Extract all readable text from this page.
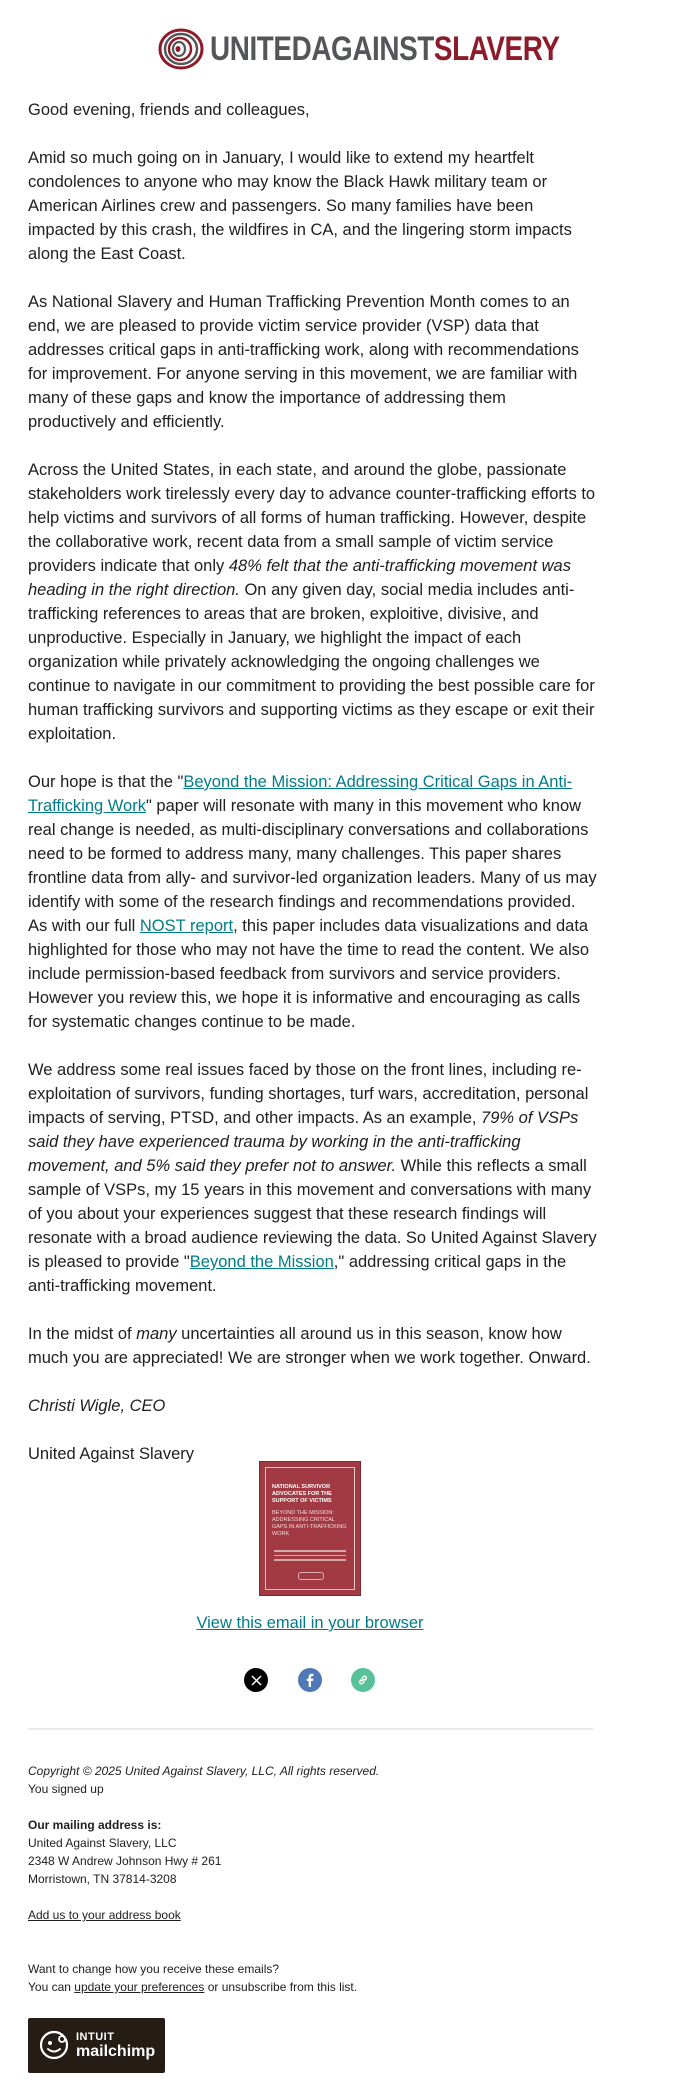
UNITEDAGAINSTSLAVERY

Good evening, friends and colleagues,

Amid so much going on in January, I would like to extend my heartfelt condolences to anyone who may know the Black Hawk military team or American Airlines crew and passengers. So many families have been impacted by this crash, the wildfires in CA, and the lingering storm impacts along the East Coast.

As National Slavery and Human Trafficking Prevention Month comes to an end, we are pleased to provide victim service provider (VSP) data that addresses critical gaps in anti-trafficking work, along with recommendations for improvement. For anyone serving in this movement, we are familiar with many of these gaps and know the importance of addressing them productively and efficiently.

Across the United States, in each state, and around the globe, passionate stakeholders work tirelessly every day to advance counter-trafficking efforts to help victims and survivors of all forms of human trafficking. However, despite the collaborative work, recent data from a small sample of victim service providers indicate that only 48% felt that the anti-trafficking movement was heading in the right direction. On any given day, social media includes anti-trafficking references to areas that are broken, exploitive, divisive, and unproductive. Especially in January, we highlight the impact of each organization while privately acknowledging the ongoing challenges we continue to navigate in our commitment to providing the best possible care for human trafficking survivors and supporting victims as they escape or exit their exploitation.

Our hope is that the "Beyond the Mission: Addressing Critical Gaps in Anti-Trafficking Work" paper will resonate with many in this movement who know real change is needed, as multi-disciplinary conversations and collaborations need to be formed to address many, many challenges. This paper shares frontline data from ally- and survivor-led organization leaders. Many of us may identify with some of the research findings and recommendations provided. As with our full NOST report, this paper includes data visualizations and data highlighted for those who may not have the time to read the content. We also include permission-based feedback from survivors and service providers. However you review this, we hope it is informative and encouraging as calls for systematic changes continue to be made.

We address some real issues faced by those on the front lines, including re-exploitation of survivors, funding shortages, turf wars, accreditation, personal impacts of serving, PTSD, and other impacts. As an example, 79% of VSPs said they have experienced trauma by working in the anti-trafficking movement, and 5% said they prefer not to answer. While this reflects a small sample of VSPs, my 15 years in this movement and conversations with many of you about your experiences suggest that these research findings will resonate with a broad audience reviewing the data. So United Against Slavery is pleased to provide "Beyond the Mission," addressing critical gaps in the anti-trafficking movement.

In the midst of many uncertainties all around us in this season, know how much you are appreciated! We are stronger when we work together. Onward.

Christi Wigle, CEO

United Against Slavery

NATIONAL SURVIVOR ADVOCATES FOR THE SUPPORT OF VICTIMS
BEYOND THE MISSION: ADDRESSING CRITICAL GAPS IN ANTI-TRAFFICKING WORK
View this email in your browser
Copyright © 2025 United Against Slavery, LLC, All rights reserved.
You signed up
Our mailing address is:
United Against Slavery, LLC
2348 W Andrew Johnson Hwy # 261
Morristown, TN 37814-3208
Add us to your address book
Want to change how you receive these emails?
You can update your preferences or unsubscribe from this list.
INTUIT
mailchimp
